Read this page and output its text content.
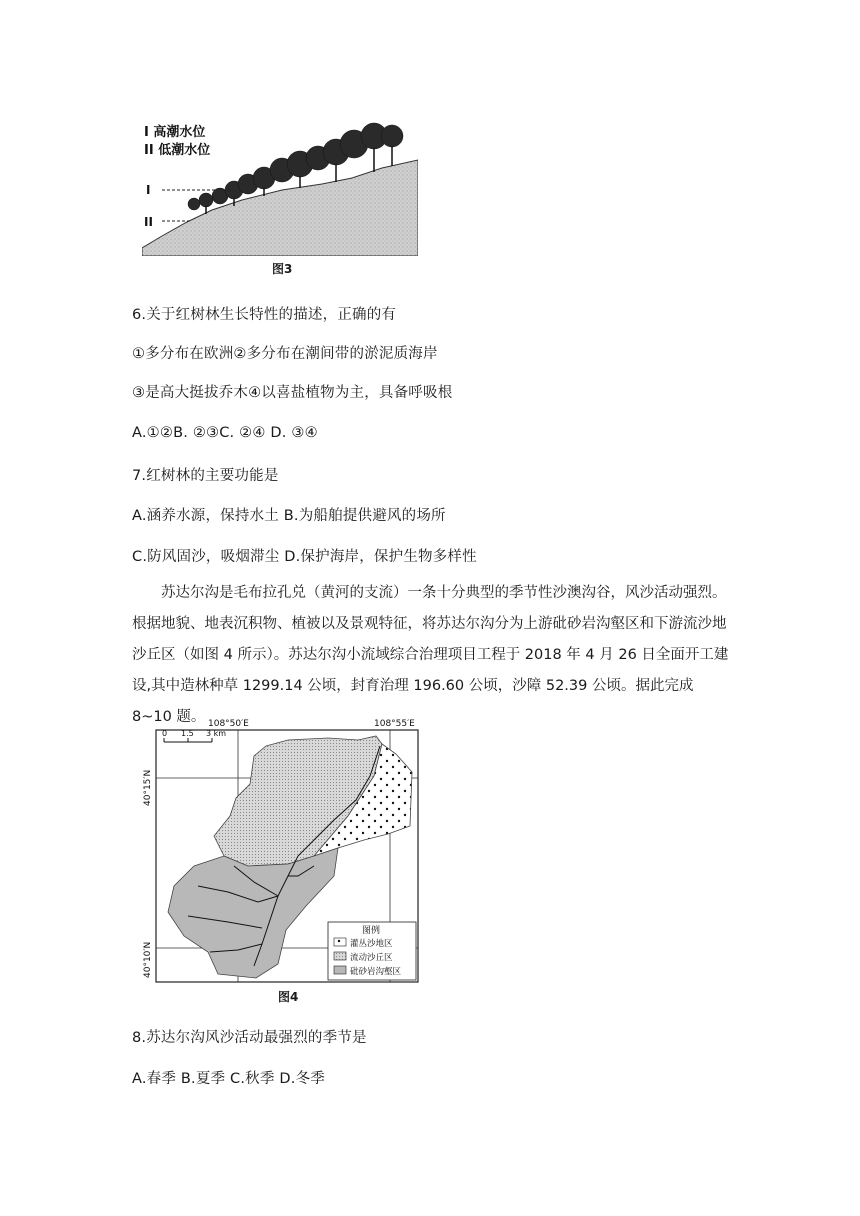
I 高潮水位
II 低潮水位
I
II
图3
6.关于红树林生长特性的描述，正确的有
①多分布在欧洲②多分布在潮间带的淤泥质海岸
③是高大挺拔乔木④以喜盐植物为主，具备呼吸根
A.①②B. ②③C. ②④ D. ③④
7.红树林的主要功能是
A.涵养水源，保持水土 B.为船舶提供避风的场所
C.防风固沙，吸烟滞尘 D.保护海岸，保护生物多样性
苏达尔沟是毛布拉孔兑（黄河的支流）一条十分典型的季节性沙澳沟谷，风沙活动强烈。根据地貌、地表沉积物、植被以及景观特征，将苏达尔沟分为上游砒砂岩沟壑区和下游流沙地沙丘区（如图 4 所示）。苏达尔沟小流域综合治理项目工程于 2018 年 4 月 26 日全面开工建设,其中造林种草 1299.14 公顷，封育治理 196.60 公顷，沙障 52.39 公顷。据此完成 8~10 题。
0 1.5 3 km
108°50′E	108°55′E
40°15′N
40°10′N
图例
灌丛沙地区
流动沙丘区
砒砂岩沟壑区
图4
8.苏达尔沟风沙活动最强烈的季节是
A.春季 B.夏季 C.秋季 D.冬季
